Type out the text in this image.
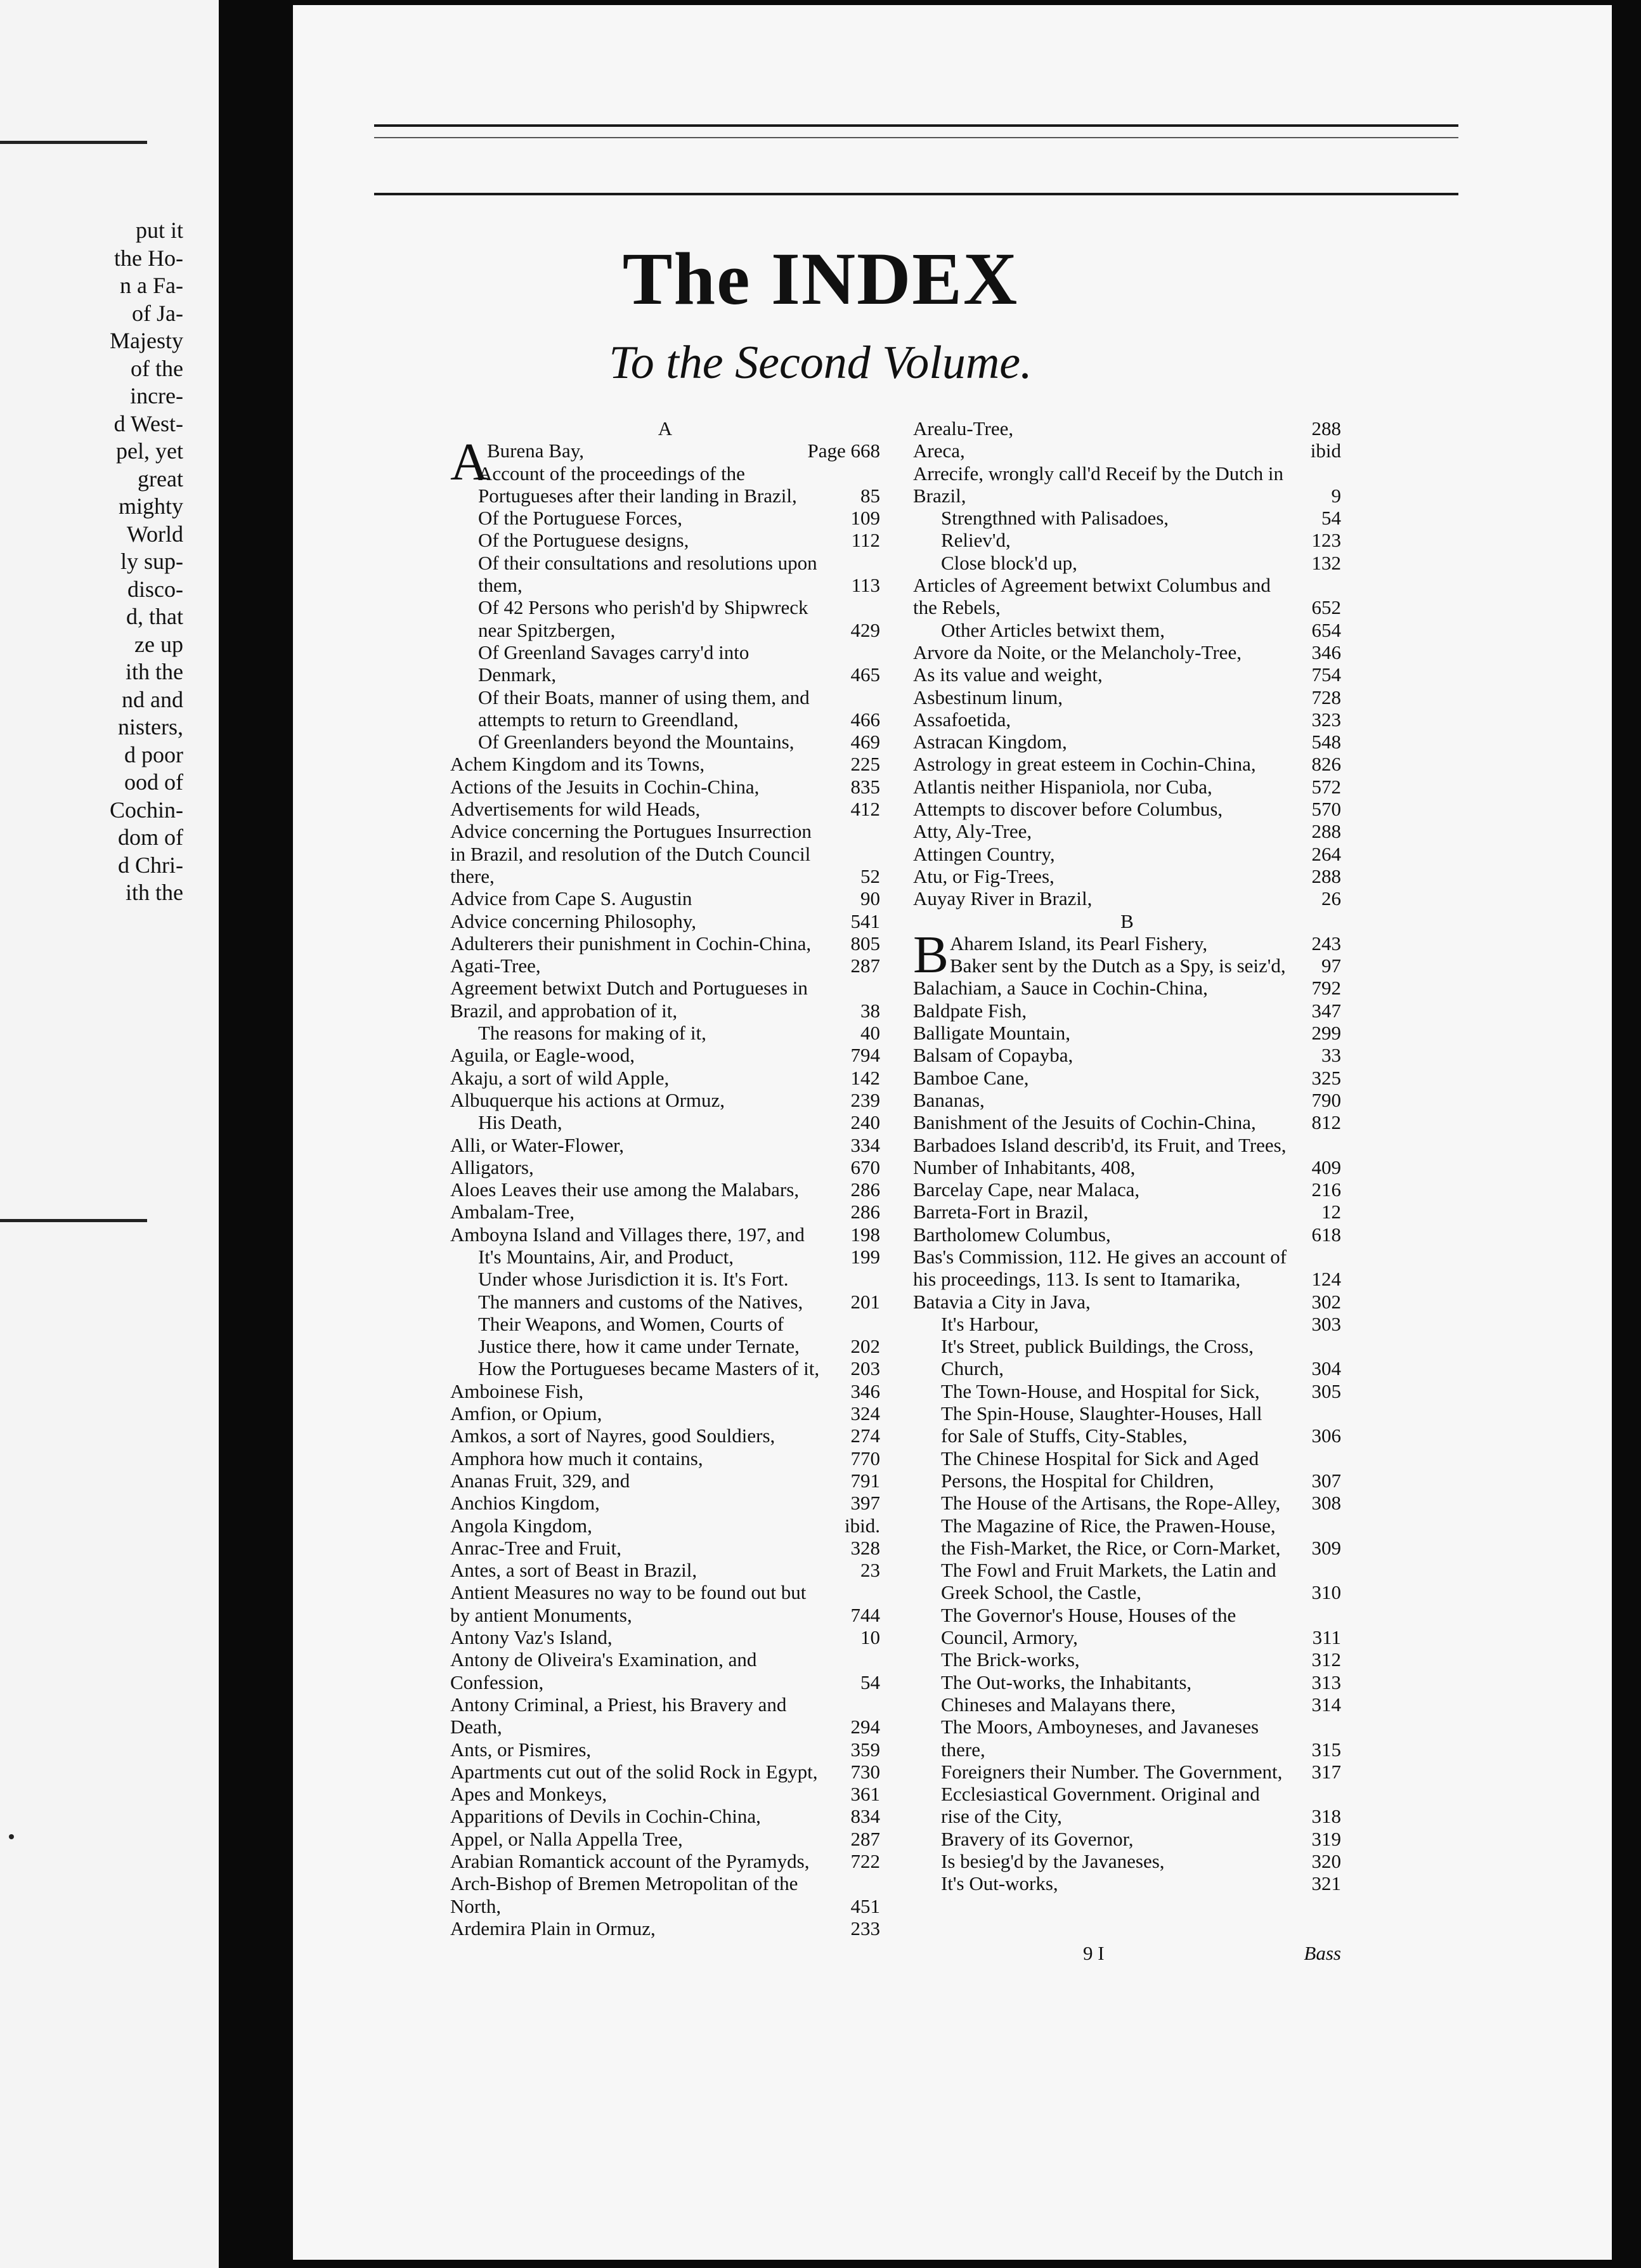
put it
the Ho-
n a Fa-
of Ja-
Majesty
of the
incre-
d West-
pel, yet
great
mighty
World
ly sup-
disco-
d, that
ze up
ith the
nd and
nisters,
d poor
ood of
Cochin-
dom of
d Chri-
ith the
The INDEX
To the Second Volume.
A
A
Burena Bay,	Page 668
Account of the proceedings of the Portugueses after their landing in Brazil,	85
Of the Portuguese Forces,	109
Of the Portuguese designs,	112
Of their consultations and resolutions upon them,	113
Of 42 Persons who perish'd by Shipwreck near Spitzbergen,	429
Of Greenland Savages carry'd into Denmark,	465
Of their Boats, manner of using them, and attempts to return to Greendland,	466
Of Greenlanders beyond the Mountains,	469
Achem Kingdom and its Towns,	225
Actions of the Jesuits in Cochin-China,	835
Advertisements for wild Heads,	412
Advice concerning the Portugues Insurrection in Brazil, and resolution of the Dutch Council there,	52
Advice from Cape S. Augustin	90
Advice concerning Philosophy,	541
Adulterers their punishment in Cochin-China,	805
Agati-Tree,	287
Agreement betwixt Dutch and Portugueses in Brazil, and approbation of it,	38
The reasons for making of it,	40
Aguila, or Eagle-wood,	794
Akaju, a sort of wild Apple,	142
Albuquerque his actions at Ormuz,	239
His Death,	240
Alli, or Water-Flower,	334
Alligators,	670
Aloes Leaves their use among the Malabars,	286
Ambalam-Tree,	286
Amboyna Island and Villages there, 197, and	198
It's Mountains, Air, and Product,	199
Under whose Jurisdiction it is. It's Fort.
The manners and customs of the Natives,	201
Their Weapons, and Women, Courts of Justice there, how it came under Ternate,	202
How the Portugueses became Masters of it,	203
Amboinese Fish,	346
Amfion, or Opium,	324
Amkos, a sort of Nayres, good Souldiers,	274
Amphora how much it contains,	770
Ananas Fruit, 329, and	791
Anchios Kingdom,	397
Angola Kingdom,	ibid.
Anrac-Tree and Fruit,	328
Antes, a sort of Beast in Brazil,	23
Antient Measures no way to be found out but by antient Monuments,	744
Antony Vaz's Island,	10
Antony de Oliveira's Examination, and Confession,	54
Antony Criminal, a Priest, his Bravery and Death,	294
Ants, or Pismires,	359
Apartments cut out of the solid Rock in Egypt,	730
Apes and Monkeys,	361
Apparitions of Devils in Cochin-China,	834
Appel, or Nalla Appella Tree,	287
Arabian Romantick account of the Pyramyds,	722
Arch-Bishop of Bremen Metropolitan of the North,	451
Ardemira Plain in Ormuz,	233
Arealu-Tree,	288
Areca,	ibid
Arrecife, wrongly call'd Receif by the Dutch in Brazil,	9
Strengthned with Palisadoes,	54
Reliev'd,	123
Close block'd up,	132
Articles of Agreement betwixt Columbus and the Rebels,	652
Other Articles betwixt them,	654
Arvore da Noite, or the Melancholy-Tree,	346
As its value and weight,	754
Asbestinum linum,	728
Assafoetida,	323
Astracan Kingdom,	548
Astrology in great esteem in Cochin-China,	826
Atlantis neither Hispaniola, nor Cuba,	572
Attempts to discover before Columbus,	570
Atty, Aly-Tree,	288
Attingen Country,	264
Atu, or Fig-Trees,	288
Auyay River in Brazil,	26
B
B Aharem Island, its Pearl Fishery,	243
Baker sent by the Dutch as a Spy, is seiz'd,	97
Balachiam, a Sauce in Cochin-China,	792
Baldpate Fish,	347
Balligate Mountain,	299
Balsam of Copayba,	33
Bamboe Cane,	325
Bananas,	790
Banishment of the Jesuits of Cochin-China,	812
Barbadoes Island describ'd, its Fruit, and Trees, Number of Inhabitants, 408,	409
Barcelay Cape, near Malaca,	216
Barreta-Fort in Brazil,	12
Bartholomew Columbus,	618
Bas's Commission, 112. He gives an account of his proceedings, 113. Is sent to Itamarika,	124
Batavia a City in Java,	302
It's Harbour,	303
It's Street, publick Buildings, the Cross, Church,	304
The Town-House, and Hospital for Sick,	305
The Spin-House, Slaughter-Houses, Hall for Sale of Stuffs, City-Stables,	306
The Chinese Hospital for Sick and Aged Persons, the Hospital for Children,	307
The House of the Artisans, the Rope-Alley,	308
The Magazine of Rice, the Prawen-House, the Fish-Market, the Rice, or Corn-Market,	309
The Fowl and Fruit Markets, the Latin and Greek School, the Castle,	310
The Governor's House, Houses of the Council, Armory,	311
The Brick-works,	312
The Out-works, the Inhabitants,	313
Chineses and Malayans there,	314
The Moors, Amboyneses, and Javaneses there,	315
Foreigners their Number. The Government,	317
Ecclesiastical Government. Original and rise of the City,	318
Bravery of its Governor,	319
Is besieg'd by the Javaneses,	320
It's Out-works,	321
9 I	Bass
